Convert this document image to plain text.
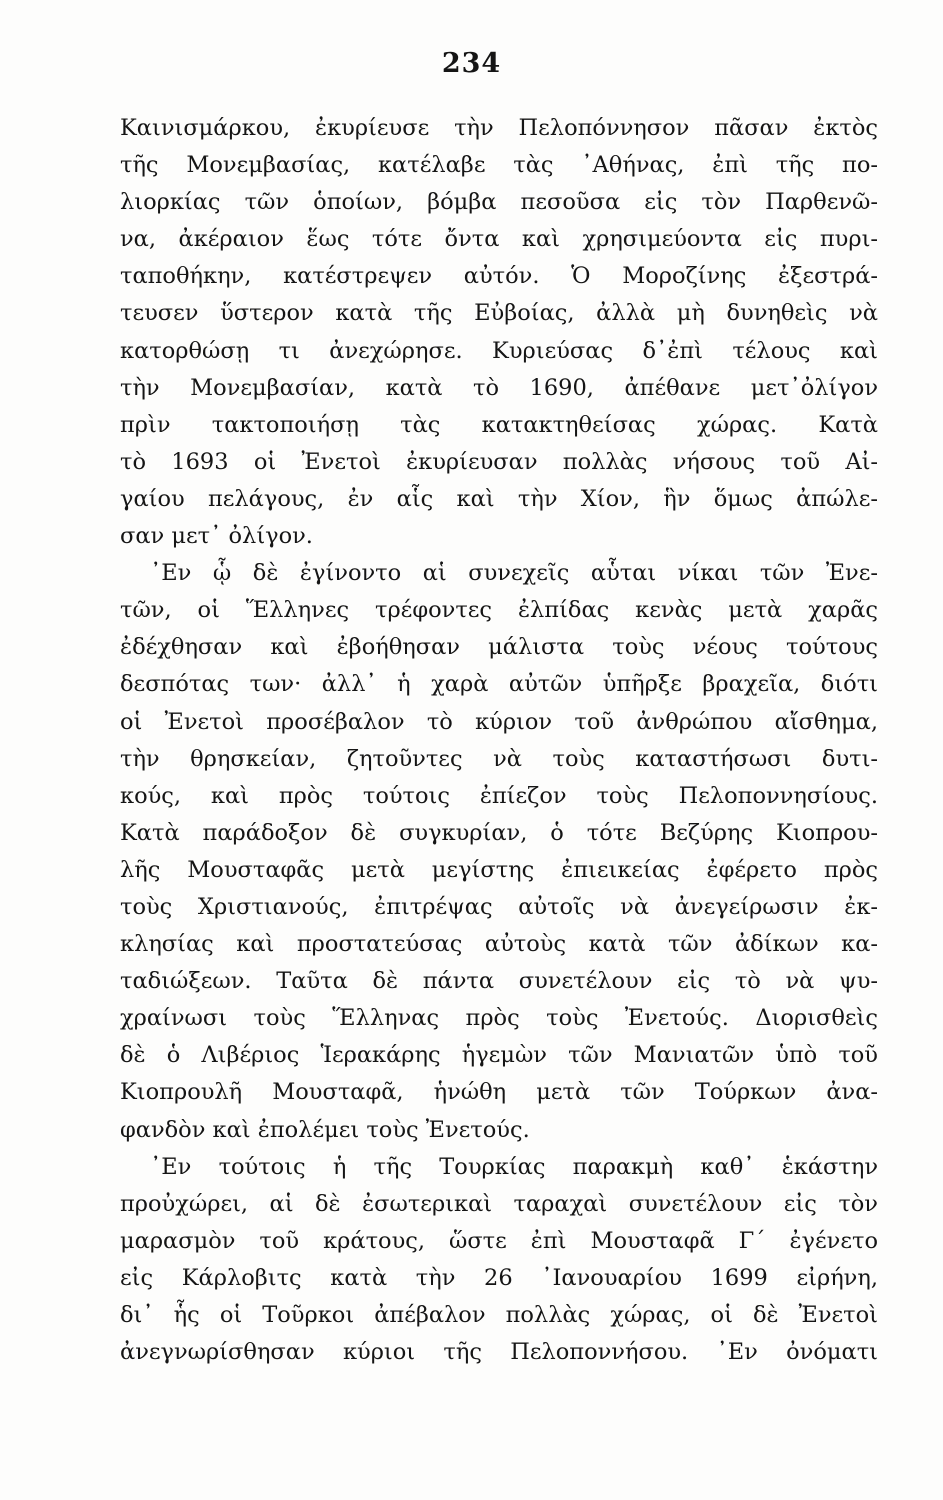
234
Καινισμάρκου, ἐκυρίευσε τὴν Πελοπόννησον πᾶσαν ἐκτὸς
τῆς Μονεμβασίας, κατέλαβε τὰς ᾿Αθήνας, ἐπὶ τῆς πο-
λιορκίας τῶν ὁποίων, βόμβα πεσοῦσα εἰς τὸν Παρθενῶ-
να, ἀκέραιον ἕως τότε ὄντα καὶ χρησιμεύοντα εἰς πυρι-
ταποθήκην, κατέστρεψεν αὐτόν. Ὁ Μοροζίνης ἐξεστρά-
τευσεν ὕστερον κατὰ τῆς Εὐβοίας, ἀλλὰ μὴ δυνηθεὶς νὰ
κατορθώσῃ τι ἀνεχώρησε. Κυριεύσας δ᾿ἐπὶ τέλους καὶ
τὴν Μονεμβασίαν, κατὰ τὸ 1690, ἀπέθανε μετ᾿ὀλίγον
πρὶν τακτοποιήσῃ τὰς κατακτηθείσας χώρας. Κατὰ
τὸ 1693 οἱ Ἐνετοὶ ἐκυρίευσαν πολλὰς νήσους τοῦ Αἰ-
γαίου πελάγους, ἐν αἷς καὶ τὴν Χίον, ἣν ὅμως ἀπώλε-
σαν μετ᾿ ὀλίγον.
᾿Εν ᾧ δὲ ἐγίνοντο αἱ συνεχεῖς αὗται νίκαι τῶν Ἐνε-
τῶν, οἱ Ἕλληνες τρέφοντες ἐλπίδας κενὰς μετὰ χαρᾶς
ἐδέχθησαν καὶ ἐβοήθησαν μάλιστα τοὺς νέους τούτους
δεσπότας των· ἀλλ᾿ ἡ χαρὰ αὐτῶν ὑπῆρξε βραχεῖα, διότι
οἱ Ἐνετοὶ προσέβαλον τὸ κύριον τοῦ ἀνθρώπου αἴσθημα,
τὴν θρησκείαν, ζητοῦντες νὰ τοὺς καταστήσωσι δυτι-
κούς, καὶ πρὸς τούτοις ἐπίεζον τοὺς Πελοποννησίους.
Κατὰ παράδοξον δὲ συγκυρίαν, ὁ τότε Βεζύρης Κιοπρου-
λῆς Μουσταφᾶς μετὰ μεγίστης ἐπιεικείας ἐφέρετο πρὸς
τοὺς Χριστιανούς, ἐπιτρέψας αὐτοῖς νὰ ἀνεγείρωσιν ἐκ-
κλησίας καὶ προστατεύσας αὐτοὺς κατὰ τῶν ἀδίκων κα-
ταδιώξεων. Ταῦτα δὲ πάντα συνετέλουν εἰς τὸ νὰ ψυ-
χραίνωσι τοὺς Ἕλληνας πρὸς τοὺς Ἐνετούς. Διορισθεὶς
δὲ ὁ Λιβέριος Ἱερακάρης ἡγεμὼν τῶν Μανιατῶν ὑπὸ τοῦ
Κιοπρουλῆ Μουσταφᾶ, ἡνώθη μετὰ τῶν Τούρκων ἀνα-
φανδὸν καὶ ἐπολέμει τοὺς Ἐνετούς.
᾿Εν τούτοις ἡ τῆς Τουρκίας παρακμὴ καθ᾿ ἑκάστην
προὐχώρει, αἱ δὲ ἐσωτερικαὶ ταραχαὶ συνετέλουν εἰς τὸν
μαρασμὸν τοῦ κράτους, ὥστε ἐπὶ Μουσταφᾶ Γ´ ἐγένετο
εἰς Κάρλοβιτς κατὰ τὴν 26 ᾿Ιανουαρίου 1699 εἰρήνη,
δι᾿ ἧς οἱ Τοῦρκοι ἀπέβαλον πολλὰς χώρας, οἱ δὲ Ἐνετοὶ
ἀνεγνωρίσθησαν κύριοι τῆς Πελοποννήσου. ᾿Εν ὀνόματι
